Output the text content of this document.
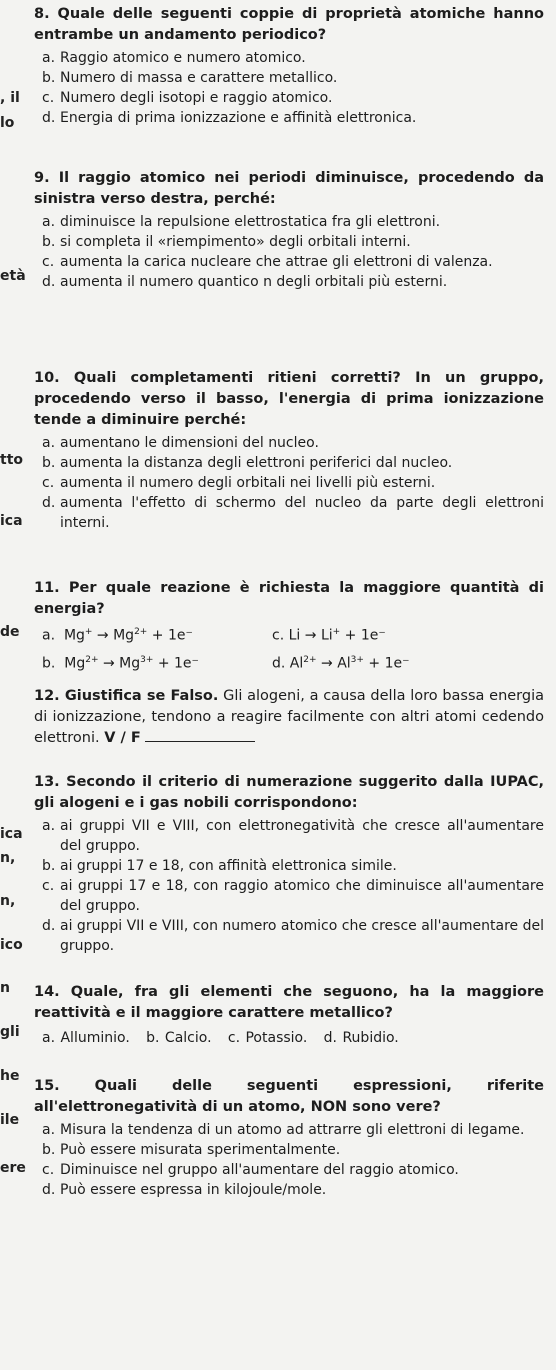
, il
lo
età
tto
ica
de
ica
n,
n,
ico
n
gli
he
ile
ere
8. Quale delle seguenti coppie di proprietà atomiche hanno entrambe un andamento periodico?
a. Raggio atomico e numero atomico.
b. Numero di massa e carattere metallico.
c. Numero degli isotopi e raggio atomico.
d. Energia di prima ionizzazione e affinità elettronica.
9. Il raggio atomico nei periodi diminuisce, procedendo da sinistra verso destra, perché:
a. diminuisce la repulsione elettrostatica fra gli elettroni.
b. si completa il «riempimento» degli orbitali interni.
c. aumenta la carica nucleare che attrae gli elettroni di valenza.
d. aumenta il numero quantico n degli orbitali più esterni.
10. Quali completamenti ritieni corretti? In un gruppo, procedendo verso il basso, l'energia di prima ionizzazione tende a diminuire perché:
a. aumentano le dimensioni del nucleo.
b. aumenta la distanza degli elettroni periferici dal nucleo.
c. aumenta il numero degli orbitali nei livelli più esterni.
d. aumenta l'effetto di schermo del nucleo da parte degli elettroni interni.
11. Per quale reazione è richiesta la maggiore quantità di energia?
a. $Mg^+ \to Mg^{2+} + 1e^-$	c. Li → Li+ + 1e⁻
b. $Mg^{2+} \to Mg^{3+} + 1e^-$	d. $Al^{2+} \to Al^{3+} + 1e^-$
12. Giustifica se Falso. Gli alogeni, a causa della loro bassa energia di ionizzazione, tendono a reagire facilmente con altri atomi cedendo elettroni. V / F
13. Secondo il criterio di numerazione suggerito dalla IUPAC, gli alogeni e i gas nobili corrispondono:
a. ai gruppi VII e VIII, con elettronegatività che cresce all'aumentare del gruppo.
b. ai gruppi 17 e 18, con affinità elettronica simile.
c. ai gruppi 17 e 18, con raggio atomico che diminuisce all'aumentare del gruppo.
d. ai gruppi VII e VIII, con numero atomico che cresce all'aumentare del gruppo.
14. Quale, fra gli elementi che seguono, ha la maggiore reattività e il maggiore carattere metallico?
a. Alluminio. b. Calcio. c. Potassio. d. Rubidio.
15. Quali delle seguenti espressioni, riferite all'elettronegatività di un atomo, NON sono vere?
a. Misura la tendenza di un atomo ad attrarre gli elettroni di legame.
b. Può essere misurata sperimentalmente.
c. Diminuisce nel gruppo all'aumentare del raggio atomico.
d. Può essere espressa in kilojoule/mole.
